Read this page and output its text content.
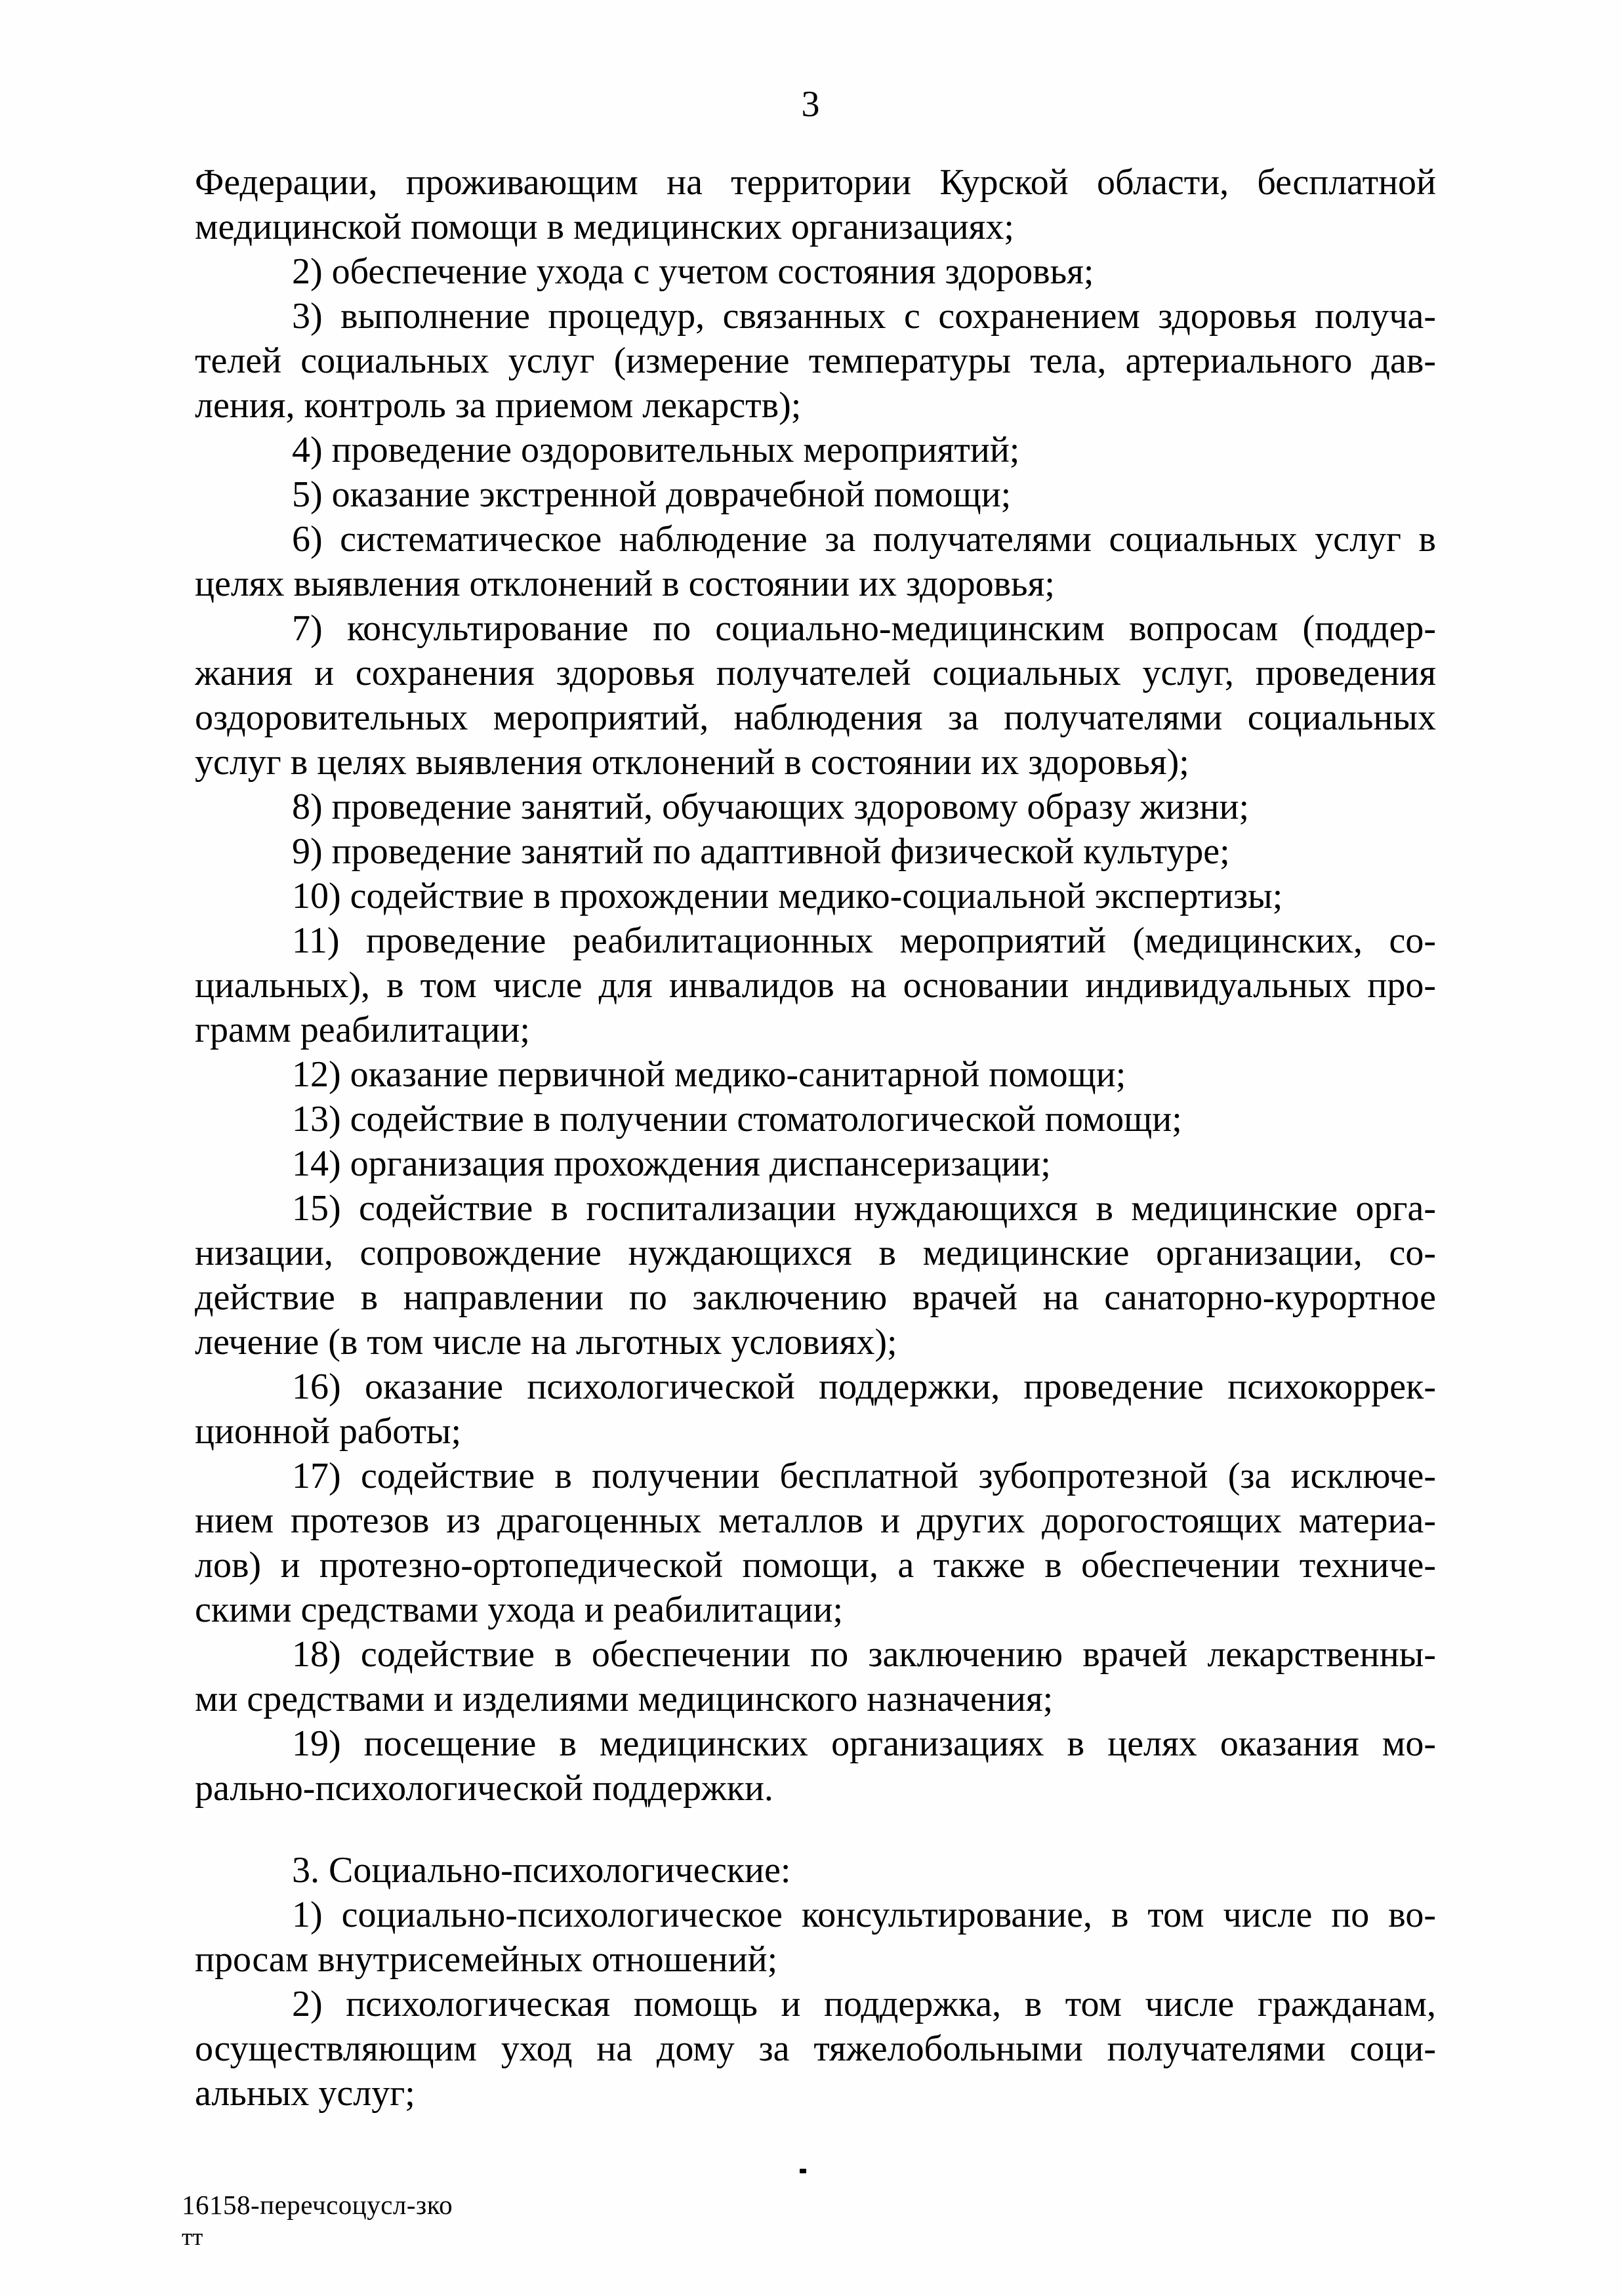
3
Федерации, проживающим на территории Курской области, бесплатной
медицинской помощи в медицинских организациях;
2) обеспечение ухода с учетом состояния здоровья;
3) выполнение процедур, связанных с сохранением здоровья получа-
телей социальных услуг (измерение температуры тела, артериального дав-
ления, контроль за приемом лекарств);
4) проведение оздоровительных мероприятий;
5) оказание экстренной доврачебной помощи;
6) систематическое наблюдение за получателями социальных услуг в
целях выявления отклонений в состоянии их здоровья;
7) консультирование по социально-медицинским вопросам (поддер-
жания и сохранения здоровья получателей социальных услуг, проведения
оздоровительных мероприятий, наблюдения за получателями социальных
услуг в целях выявления отклонений в состоянии их здоровья);
8) проведение занятий, обучающих здоровому образу жизни;
9) проведение занятий по адаптивной физической культуре;
10) содействие в прохождении медико-социальной экспертизы;
11) проведение реабилитационных мероприятий (медицинских, со-
циальных), в том числе для инвалидов на основании индивидуальных про-
грамм реабилитации;
12) оказание первичной медико-санитарной помощи;
13) содействие в получении стоматологической помощи;
14) организация прохождения диспансеризации;
15) содействие в госпитализации нуждающихся в медицинские орга-
низации, сопровождение нуждающихся в медицинские организации, со-
действие в направлении по заключению врачей на санаторно-курортное
лечение (в том числе на льготных условиях);
16) оказание психологической поддержки, проведение психокоррек-
ционной работы;
17) содействие в получении бесплатной зубопротезной (за исключе-
нием протезов из драгоценных металлов и других дорогостоящих материа-
лов) и протезно-ортопедической помощи, а также в обеспечении техниче-
скими средствами ухода и реабилитации;
18) содействие в обеспечении по заключению врачей лекарственны-
ми средствами и изделиями медицинского назначения;
19) посещение в медицинских организациях в целях оказания мо-
рально-психологической поддержки.
3. Социально-психологические:
1) социально-психологическое консультирование, в том числе по во-
просам внутрисемейных отношений;
2) психологическая помощь и поддержка, в том числе гражданам,
осуществляющим уход на дому за тяжелобольными получателями соци-
альных услуг;
16158-перечсоцусл-зко
тт
